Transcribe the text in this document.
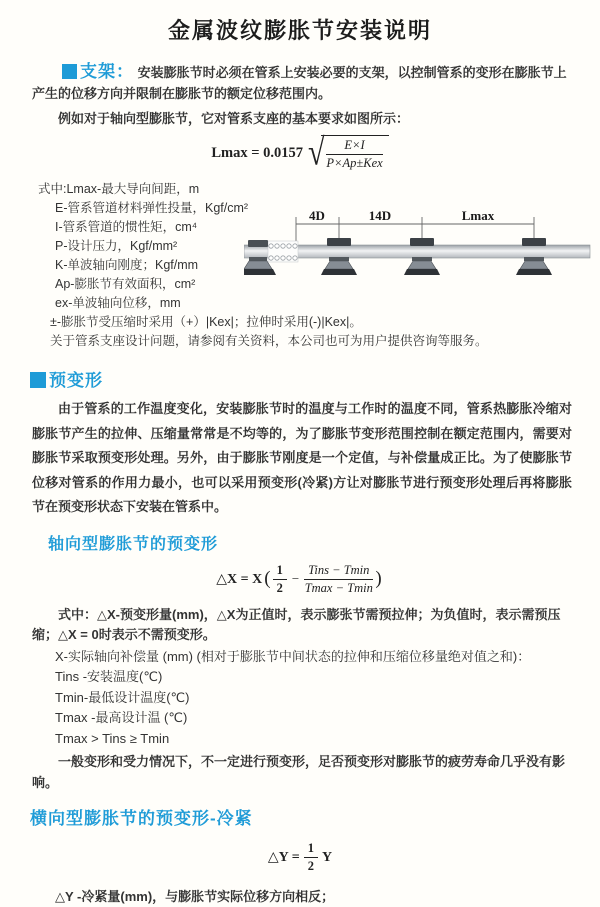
金属波纹膨胀节安装说明

支架： 安装膨胀节时必须在管系上安装必要的支架，以控制管系的变形在膨胀节上产生的位移方向并限制在膨胀节的额定位移范围内。

例如对于轴向型膨胀节，它对管系支座的基本要求如图所示：

Lmax = 0.0157 √ $\frac{E\times I}{\text{P×Ap±Kex}}$

式中:Lmax-最大导向间距，m

E-管系管道材料弹性投量，Kgf/cm²

I-管系管道的惯性矩，cm⁴

P-设计压力，Kgf/mm²

K-单波轴向刚度；Kgf/mm

Ap-膨胀节有效面积，cm²

ex-单波轴向位移，mm

±-膨胀节受压缩时采用（+）|Kex|；拉伸时采用(-)|Kex|。

关于管系支座设计问题，请参阅有关资料，本公司也可为用户提供咨询等服务。

4D	14D	Lmax
预变形

由于管系的工作温度变化，安装膨胀节时的温度与工作时的温度不同，管系热膨胀冷缩对膨胀节产生的拉伸、压缩量常常是不均等的，为了膨胀节变形范围控制在额定范围内，需要对膨胀节采取预变形处理。另外，由于膨胀节刚度是一个定值，与补偿量成正比。为了使膨胀节位移对管系的作用力最小，也可以采用预变形(冷紧)方让对膨胀节进行预变形处理后再将膨胀节在预变形状态下安装在管系中。

轴向型膨胀节的预变形
△X = X ( $\frac{1}{2} - \frac{\text{Tins − Tmin}}{Tmax - Tmin}$ )

式中：△X-预变形量(mm)，△X为正值时，表示膨张节需预拉伸；为负值时，表示需预压缩；△X = 0时表示不需预变形。

X-实际轴向补偿量 (mm) (相对于膨胀节中间状态的拉伸和压缩位移量绝对值之和)：

Tins -安装温度(℃)

Tmin-最低设计温度(℃)

Tmax -最高设计温 (℃)

Tmax > Tins ≥ Tmin

一般变形和受力情况下，不一定进行预变形，足否预变形对膨胀节的疲劳寿命几乎没有影响。

横向型膨胀节的预变形-冷紧
△Y = $\frac{1}{2}$ Y

△Y -冷紧量(mm)，与膨胀节实际位移方向相反；
